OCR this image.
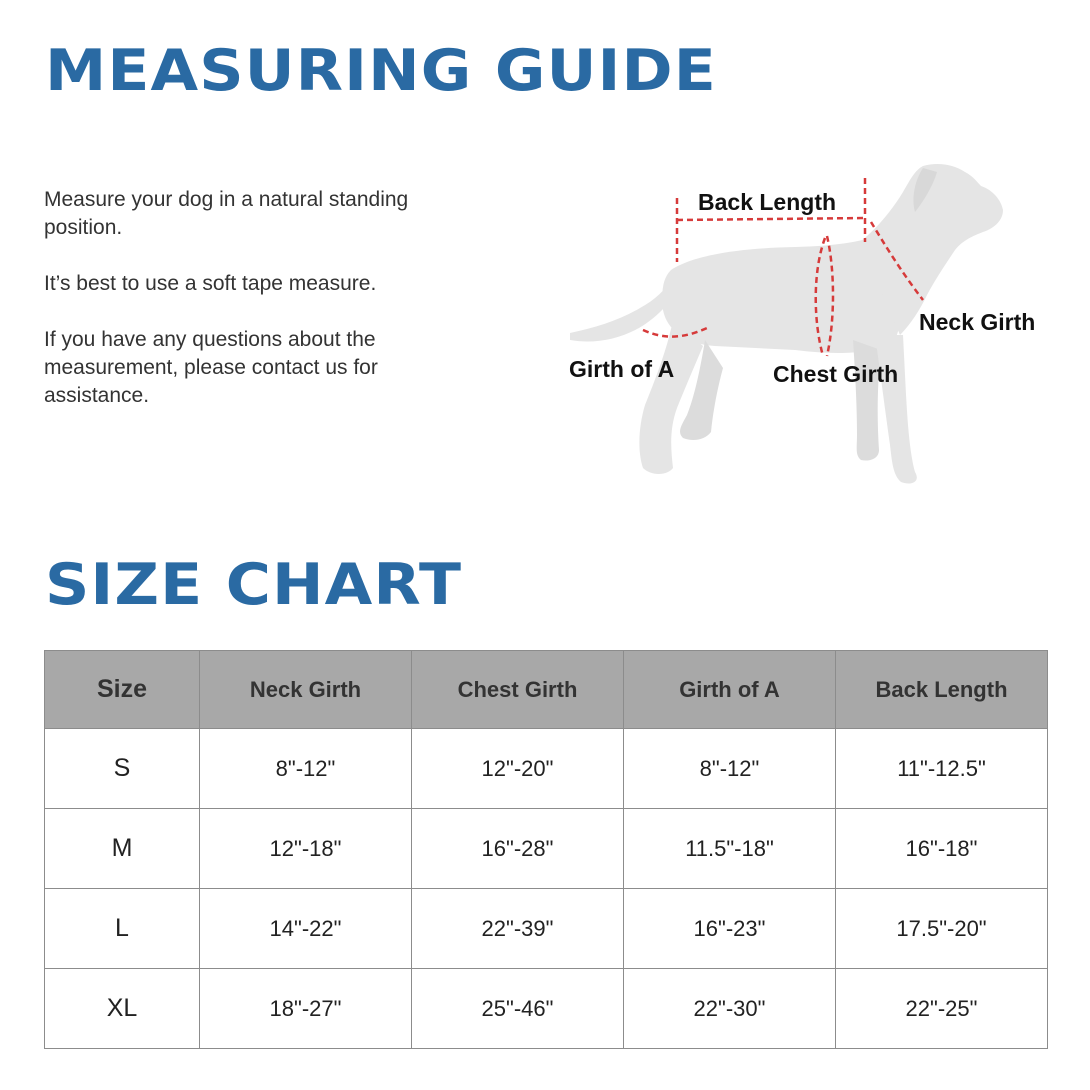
MEASURING GUIDE

Measure your dog in a natural standing position.

It’s best to use a soft tape measure.

If you have any questions about the measurement, please contact us for assistance.

Back Length
Neck Girth
Girth of A	Chest Girth
SIZE CHART
Size	Neck Girth	Chest Girth	Girth of A	Back Length
S	8"-12"	12"-20"	8"-12"	11"-12.5"
M	12"-18"	16"-28"	11.5"-18"	16"-18"
L	14"-22"	22"-39"	16"-23"	17.5"-20"
XL	18"-27"	25"-46"	22"-30"	22"-25"
